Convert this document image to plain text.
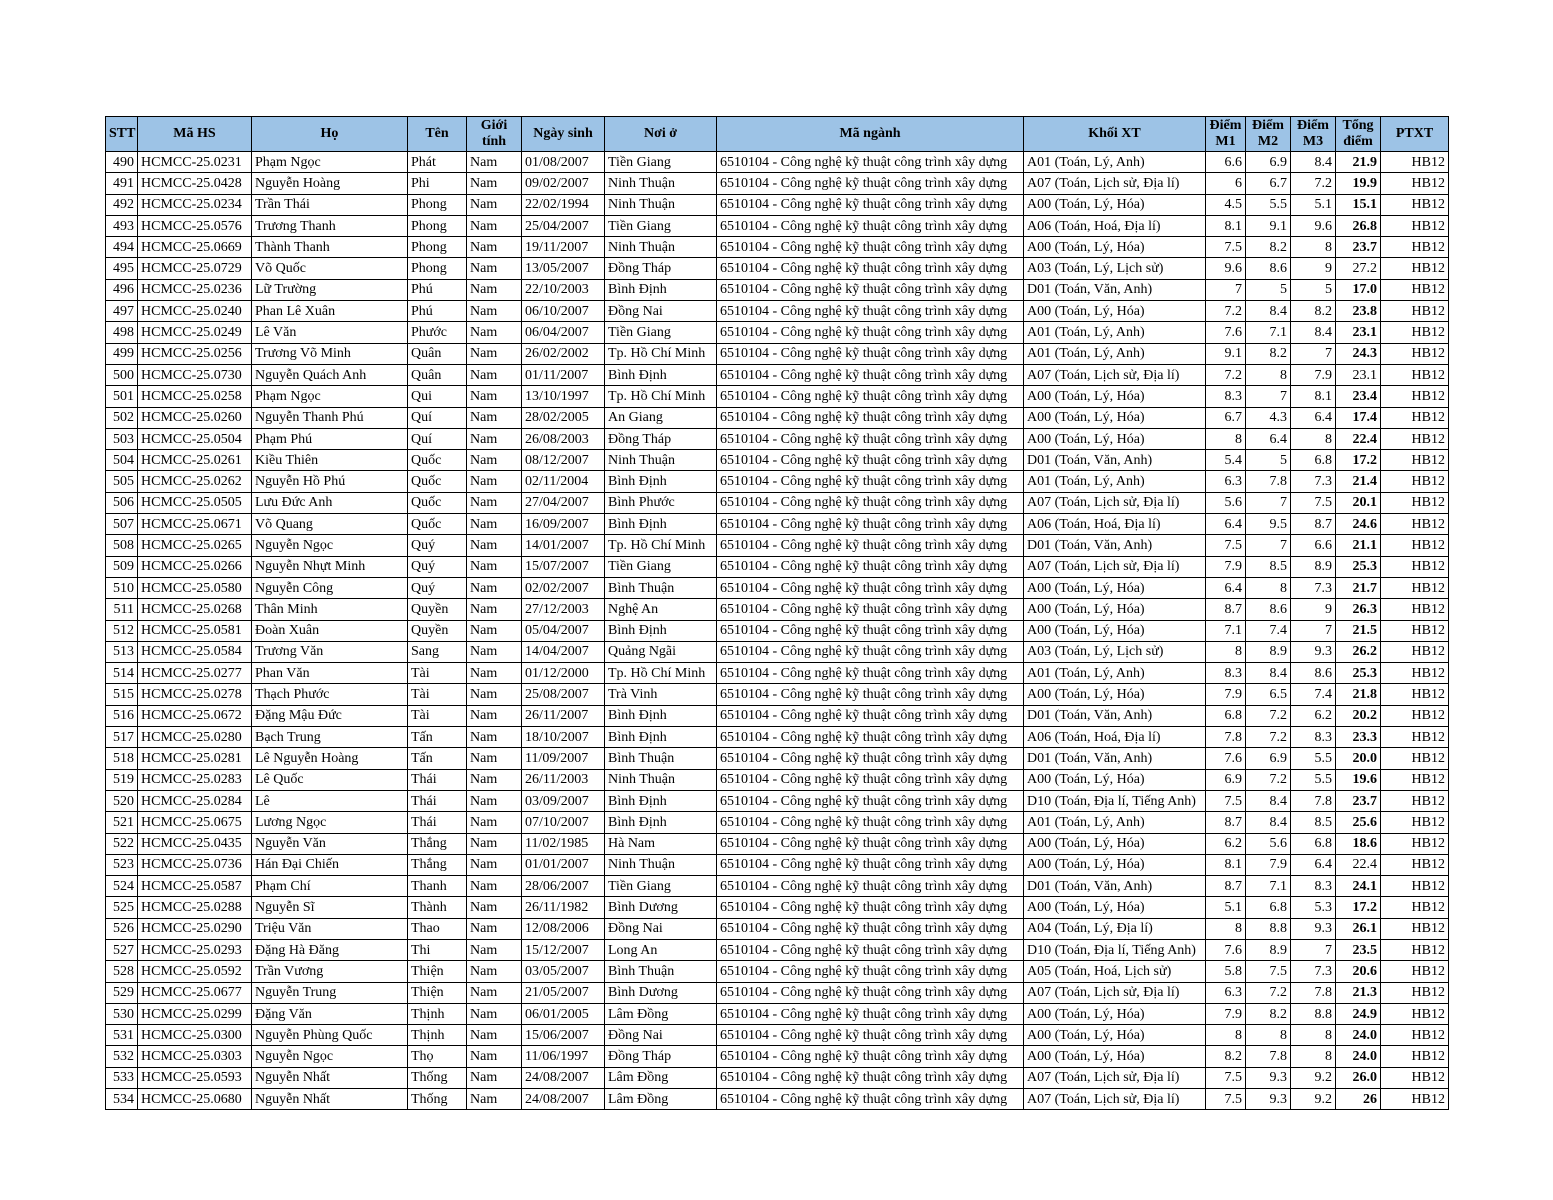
STT	Mã HS	Họ	Tên	Giới tính	Ngày sinh	Nơi ở	Mã ngành	Khối XT	Điểm M1	Điểm M2	Điểm M3	Tổng điểm	PTXT
490	HCMCC-25.0231	Phạm Ngọc	Phát	Nam	01/08/2007	Tiền Giang	6510104 - Công nghệ kỹ thuật công trình xây dựng	A01 (Toán, Lý, Anh)	6.6	6.9	8.4	21.9	HB12
491	HCMCC-25.0428	Nguyễn Hoàng	Phi	Nam	09/02/2007	Ninh Thuận	6510104 - Công nghệ kỹ thuật công trình xây dựng	A07 (Toán, Lịch sử, Địa lí)	6	6.7	7.2	19.9	HB12
492	HCMCC-25.0234	Trần Thái	Phong	Nam	22/02/1994	Ninh Thuận	6510104 - Công nghệ kỹ thuật công trình xây dựng	A00 (Toán, Lý, Hóa)	4.5	5.5	5.1	15.1	HB12
493	HCMCC-25.0576	Trương Thanh	Phong	Nam	25/04/2007	Tiền Giang	6510104 - Công nghệ kỹ thuật công trình xây dựng	A06 (Toán, Hoá, Địa lí)	8.1	9.1	9.6	26.8	HB12
494	HCMCC-25.0669	Thành Thanh	Phong	Nam	19/11/2007	Ninh Thuận	6510104 - Công nghệ kỹ thuật công trình xây dựng	A00 (Toán, Lý, Hóa)	7.5	8.2	8	23.7	HB12
495	HCMCC-25.0729	Võ Quốc	Phong	Nam	13/05/2007	Đồng Tháp	6510104 - Công nghệ kỹ thuật công trình xây dựng	A03 (Toán, Lý, Lịch sử)	9.6	8.6	9	27.2	HB12
496	HCMCC-25.0236	Lữ Trường	Phú	Nam	22/10/2003	Bình Định	6510104 - Công nghệ kỹ thuật công trình xây dựng	D01 (Toán, Văn, Anh)	7	5	5	17.0	HB12
497	HCMCC-25.0240	Phan Lê Xuân	Phú	Nam	06/10/2007	Đồng Nai	6510104 - Công nghệ kỹ thuật công trình xây dựng	A00 (Toán, Lý, Hóa)	7.2	8.4	8.2	23.8	HB12
498	HCMCC-25.0249	Lê Văn	Phước	Nam	06/04/2007	Tiền Giang	6510104 - Công nghệ kỹ thuật công trình xây dựng	A01 (Toán, Lý, Anh)	7.6	7.1	8.4	23.1	HB12
499	HCMCC-25.0256	Trương Võ Minh	Quân	Nam	26/02/2002	Tp. Hồ Chí Minh	6510104 - Công nghệ kỹ thuật công trình xây dựng	A01 (Toán, Lý, Anh)	9.1	8.2	7	24.3	HB12
500	HCMCC-25.0730	Nguyễn Quách Anh	Quân	Nam	01/11/2007	Bình Định	6510104 - Công nghệ kỹ thuật công trình xây dựng	A07 (Toán, Lịch sử, Địa lí)	7.2	8	7.9	23.1	HB12
501	HCMCC-25.0258	Phạm Ngọc	Qui	Nam	13/10/1997	Tp. Hồ Chí Minh	6510104 - Công nghệ kỹ thuật công trình xây dựng	A00 (Toán, Lý, Hóa)	8.3	7	8.1	23.4	HB12
502	HCMCC-25.0260	Nguyễn Thanh Phú	Quí	Nam	28/02/2005	An Giang	6510104 - Công nghệ kỹ thuật công trình xây dựng	A00 (Toán, Lý, Hóa)	6.7	4.3	6.4	17.4	HB12
503	HCMCC-25.0504	Phạm Phú	Quí	Nam	26/08/2003	Đồng Tháp	6510104 - Công nghệ kỹ thuật công trình xây dựng	A00 (Toán, Lý, Hóa)	8	6.4	8	22.4	HB12
504	HCMCC-25.0261	Kiều Thiên	Quốc	Nam	08/12/2007	Ninh Thuận	6510104 - Công nghệ kỹ thuật công trình xây dựng	D01 (Toán, Văn, Anh)	5.4	5	6.8	17.2	HB12
505	HCMCC-25.0262	Nguyễn Hồ Phú	Quốc	Nam	02/11/2004	Bình Định	6510104 - Công nghệ kỹ thuật công trình xây dựng	A01 (Toán, Lý, Anh)	6.3	7.8	7.3	21.4	HB12
506	HCMCC-25.0505	Lưu Đức Anh	Quốc	Nam	27/04/2007	Bình Phước	6510104 - Công nghệ kỹ thuật công trình xây dựng	A07 (Toán, Lịch sử, Địa lí)	5.6	7	7.5	20.1	HB12
507	HCMCC-25.0671	Võ Quang	Quốc	Nam	16/09/2007	Bình Định	6510104 - Công nghệ kỹ thuật công trình xây dựng	A06 (Toán, Hoá, Địa lí)	6.4	9.5	8.7	24.6	HB12
508	HCMCC-25.0265	Nguyễn Ngọc	Quý	Nam	14/01/2007	Tp. Hồ Chí Minh	6510104 - Công nghệ kỹ thuật công trình xây dựng	D01 (Toán, Văn, Anh)	7.5	7	6.6	21.1	HB12
509	HCMCC-25.0266	Nguyễn Nhựt Minh	Quý	Nam	15/07/2007	Tiền Giang	6510104 - Công nghệ kỹ thuật công trình xây dựng	A07 (Toán, Lịch sử, Địa lí)	7.9	8.5	8.9	25.3	HB12
510	HCMCC-25.0580	Nguyễn Công	Quý	Nam	02/02/2007	Bình Thuận	6510104 - Công nghệ kỹ thuật công trình xây dựng	A00 (Toán, Lý, Hóa)	6.4	8	7.3	21.7	HB12
511	HCMCC-25.0268	Thân Minh	Quyền	Nam	27/12/2003	Nghệ An	6510104 - Công nghệ kỹ thuật công trình xây dựng	A00 (Toán, Lý, Hóa)	8.7	8.6	9	26.3	HB12
512	HCMCC-25.0581	Đoàn Xuân	Quyền	Nam	05/04/2007	Bình Định	6510104 - Công nghệ kỹ thuật công trình xây dựng	A00 (Toán, Lý, Hóa)	7.1	7.4	7	21.5	HB12
513	HCMCC-25.0584	Trương Văn	Sang	Nam	14/04/2007	Quảng Ngãi	6510104 - Công nghệ kỹ thuật công trình xây dựng	A03 (Toán, Lý, Lịch sử)	8	8.9	9.3	26.2	HB12
514	HCMCC-25.0277	Phan Văn	Tài	Nam	01/12/2000	Tp. Hồ Chí Minh	6510104 - Công nghệ kỹ thuật công trình xây dựng	A01 (Toán, Lý, Anh)	8.3	8.4	8.6	25.3	HB12
515	HCMCC-25.0278	Thạch Phước	Tài	Nam	25/08/2007	Trà Vinh	6510104 - Công nghệ kỹ thuật công trình xây dựng	A00 (Toán, Lý, Hóa)	7.9	6.5	7.4	21.8	HB12
516	HCMCC-25.0672	Đặng Mậu Đức	Tài	Nam	26/11/2007	Bình Định	6510104 - Công nghệ kỹ thuật công trình xây dựng	D01 (Toán, Văn, Anh)	6.8	7.2	6.2	20.2	HB12
517	HCMCC-25.0280	Bạch Trung	Tấn	Nam	18/10/2007	Bình Định	6510104 - Công nghệ kỹ thuật công trình xây dựng	A06 (Toán, Hoá, Địa lí)	7.8	7.2	8.3	23.3	HB12
518	HCMCC-25.0281	Lê Nguyễn Hoàng	Tấn	Nam	11/09/2007	Bình Thuận	6510104 - Công nghệ kỹ thuật công trình xây dựng	D01 (Toán, Văn, Anh)	7.6	6.9	5.5	20.0	HB12
519	HCMCC-25.0283	Lê Quốc	Thái	Nam	26/11/2003	Ninh Thuận	6510104 - Công nghệ kỹ thuật công trình xây dựng	A00 (Toán, Lý, Hóa)	6.9	7.2	5.5	19.6	HB12
520	HCMCC-25.0284	Lê	Thái	Nam	03/09/2007	Bình Định	6510104 - Công nghệ kỹ thuật công trình xây dựng	D10 (Toán, Địa lí, Tiếng Anh)	7.5	8.4	7.8	23.7	HB12
521	HCMCC-25.0675	Lương Ngọc	Thái	Nam	07/10/2007	Bình Định	6510104 - Công nghệ kỹ thuật công trình xây dựng	A01 (Toán, Lý, Anh)	8.7	8.4	8.5	25.6	HB12
522	HCMCC-25.0435	Nguyễn Văn	Thắng	Nam	11/02/1985	Hà Nam	6510104 - Công nghệ kỹ thuật công trình xây dựng	A00 (Toán, Lý, Hóa)	6.2	5.6	6.8	18.6	HB12
523	HCMCC-25.0736	Hán Đại Chiến	Thắng	Nam	01/01/2007	Ninh Thuận	6510104 - Công nghệ kỹ thuật công trình xây dựng	A00 (Toán, Lý, Hóa)	8.1	7.9	6.4	22.4	HB12
524	HCMCC-25.0587	Phạm Chí	Thanh	Nam	28/06/2007	Tiền Giang	6510104 - Công nghệ kỹ thuật công trình xây dựng	D01 (Toán, Văn, Anh)	8.7	7.1	8.3	24.1	HB12
525	HCMCC-25.0288	Nguyễn Sĩ	Thành	Nam	26/11/1982	Bình Dương	6510104 - Công nghệ kỹ thuật công trình xây dựng	A00 (Toán, Lý, Hóa)	5.1	6.8	5.3	17.2	HB12
526	HCMCC-25.0290	Triệu Văn	Thao	Nam	12/08/2006	Đồng Nai	6510104 - Công nghệ kỹ thuật công trình xây dựng	A04 (Toán, Lý, Địa lí)	8	8.8	9.3	26.1	HB12
527	HCMCC-25.0293	Đặng Hà Đăng	Thi	Nam	15/12/2007	Long An	6510104 - Công nghệ kỹ thuật công trình xây dựng	D10 (Toán, Địa lí, Tiếng Anh)	7.6	8.9	7	23.5	HB12
528	HCMCC-25.0592	Trần Vương	Thiện	Nam	03/05/2007	Bình Thuận	6510104 - Công nghệ kỹ thuật công trình xây dựng	A05 (Toán, Hoá, Lịch sử)	5.8	7.5	7.3	20.6	HB12
529	HCMCC-25.0677	Nguyễn Trung	Thiện	Nam	21/05/2007	Bình Dương	6510104 - Công nghệ kỹ thuật công trình xây dựng	A07 (Toán, Lịch sử, Địa lí)	6.3	7.2	7.8	21.3	HB12
530	HCMCC-25.0299	Đặng Văn	Thịnh	Nam	06/01/2005	Lâm Đồng	6510104 - Công nghệ kỹ thuật công trình xây dựng	A00 (Toán, Lý, Hóa)	7.9	8.2	8.8	24.9	HB12
531	HCMCC-25.0300	Nguyễn Phùng Quốc	Thịnh	Nam	15/06/2007	Đồng Nai	6510104 - Công nghệ kỹ thuật công trình xây dựng	A00 (Toán, Lý, Hóa)	8	8	8	24.0	HB12
532	HCMCC-25.0303	Nguyễn Ngọc	Thọ	Nam	11/06/1997	Đồng Tháp	6510104 - Công nghệ kỹ thuật công trình xây dựng	A00 (Toán, Lý, Hóa)	8.2	7.8	8	24.0	HB12
533	HCMCC-25.0593	Nguyễn Nhất	Thống	Nam	24/08/2007	Lâm Đồng	6510104 - Công nghệ kỹ thuật công trình xây dựng	A07 (Toán, Lịch sử, Địa lí)	7.5	9.3	9.2	26.0	HB12
534	HCMCC-25.0680	Nguyễn Nhất	Thống	Nam	24/08/2007	Lâm Đồng	6510104 - Công nghệ kỹ thuật công trình xây dựng	A07 (Toán, Lịch sử, Địa lí)	7.5	9.3	9.2	26	HB12
